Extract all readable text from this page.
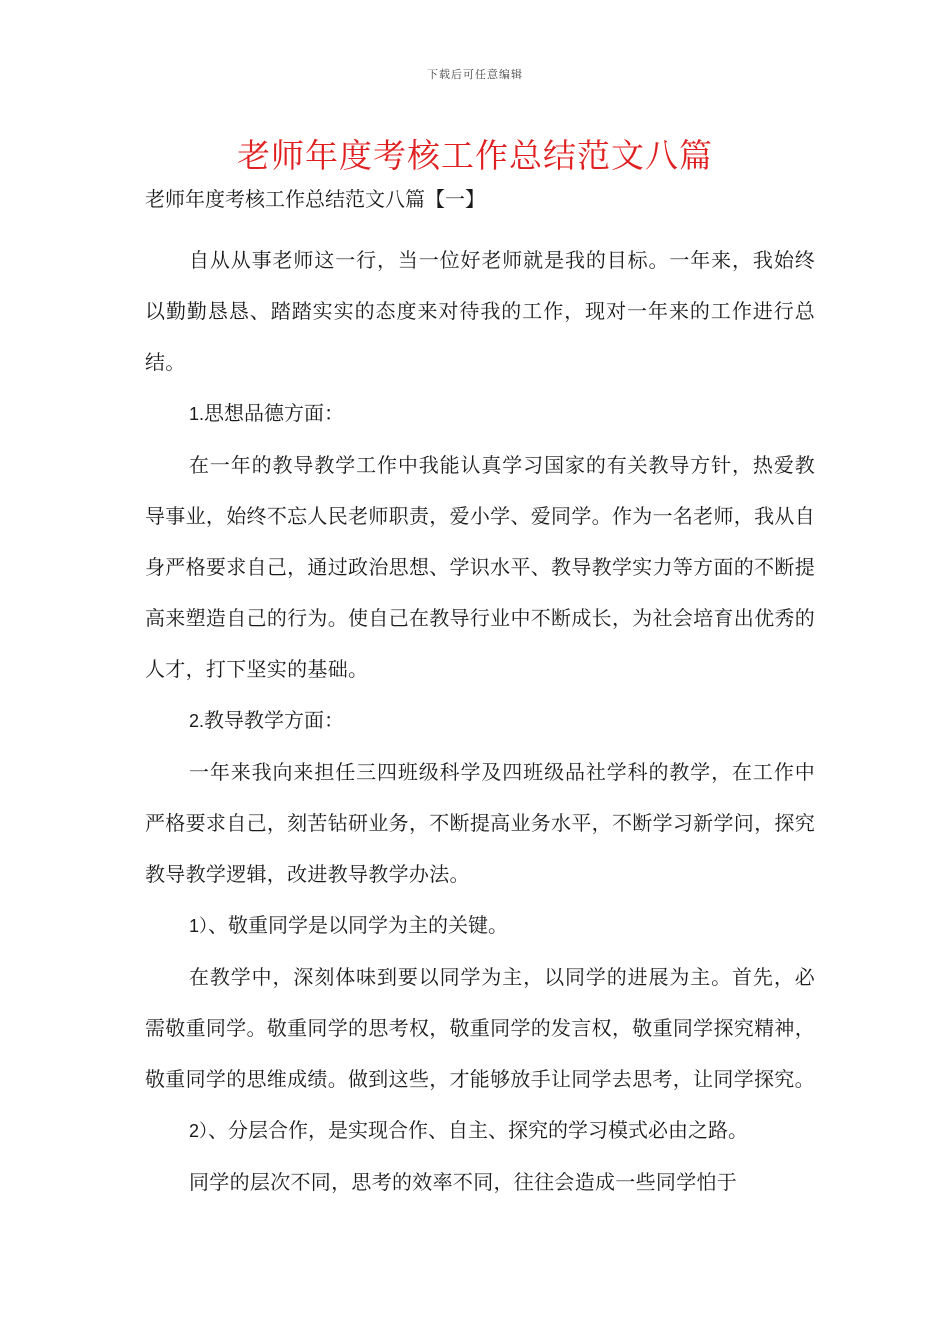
下载后可任意编辑
老师年度考核工作总结范文八篇
老师年度考核工作总结范文八篇【一】

自从从事老师这一行，当一位好老师就是我的目标。一年来，我始终以勤勤恳恳、踏踏实实的态度来对待我的工作，现对一年来的工作进行总结。

1.思想品德方面：

在一年的教导教学工作中我能认真学习国家的有关教导方针，热爱教导事业，始终不忘人民老师职责，爱小学、爱同学。作为一名老师，我从自身严格要求自己，通过政治思想、学识水平、教导教学实力等方面的不断提高来塑造自己的行为。使自己在教导行业中不断成长，为社会培育出优秀的人才，打下坚实的基础。

2.教导教学方面：

一年来我向来担任三四班级科学及四班级品社学科的教学，在工作中严格要求自己，刻苦钻研业务，不断提高业务水平，不断学习新学问，探究教导教学逻辑，改进教导教学办法。

1）、敬重同学是以同学为主的关键。

在教学中，深刻体味到要以同学为主，以同学的进展为主。首先，必需敬重同学。敬重同学的思考权，敬重同学的发言权，敬重同学探究精神，敬重同学的思维成绩。做到这些，才能够放手让同学去思考，让同学探究。

2）、分层合作，是实现合作、自主、探究的学习模式必由之路。

同学的层次不同，思考的效率不同，往往会造成一些同学怕于
